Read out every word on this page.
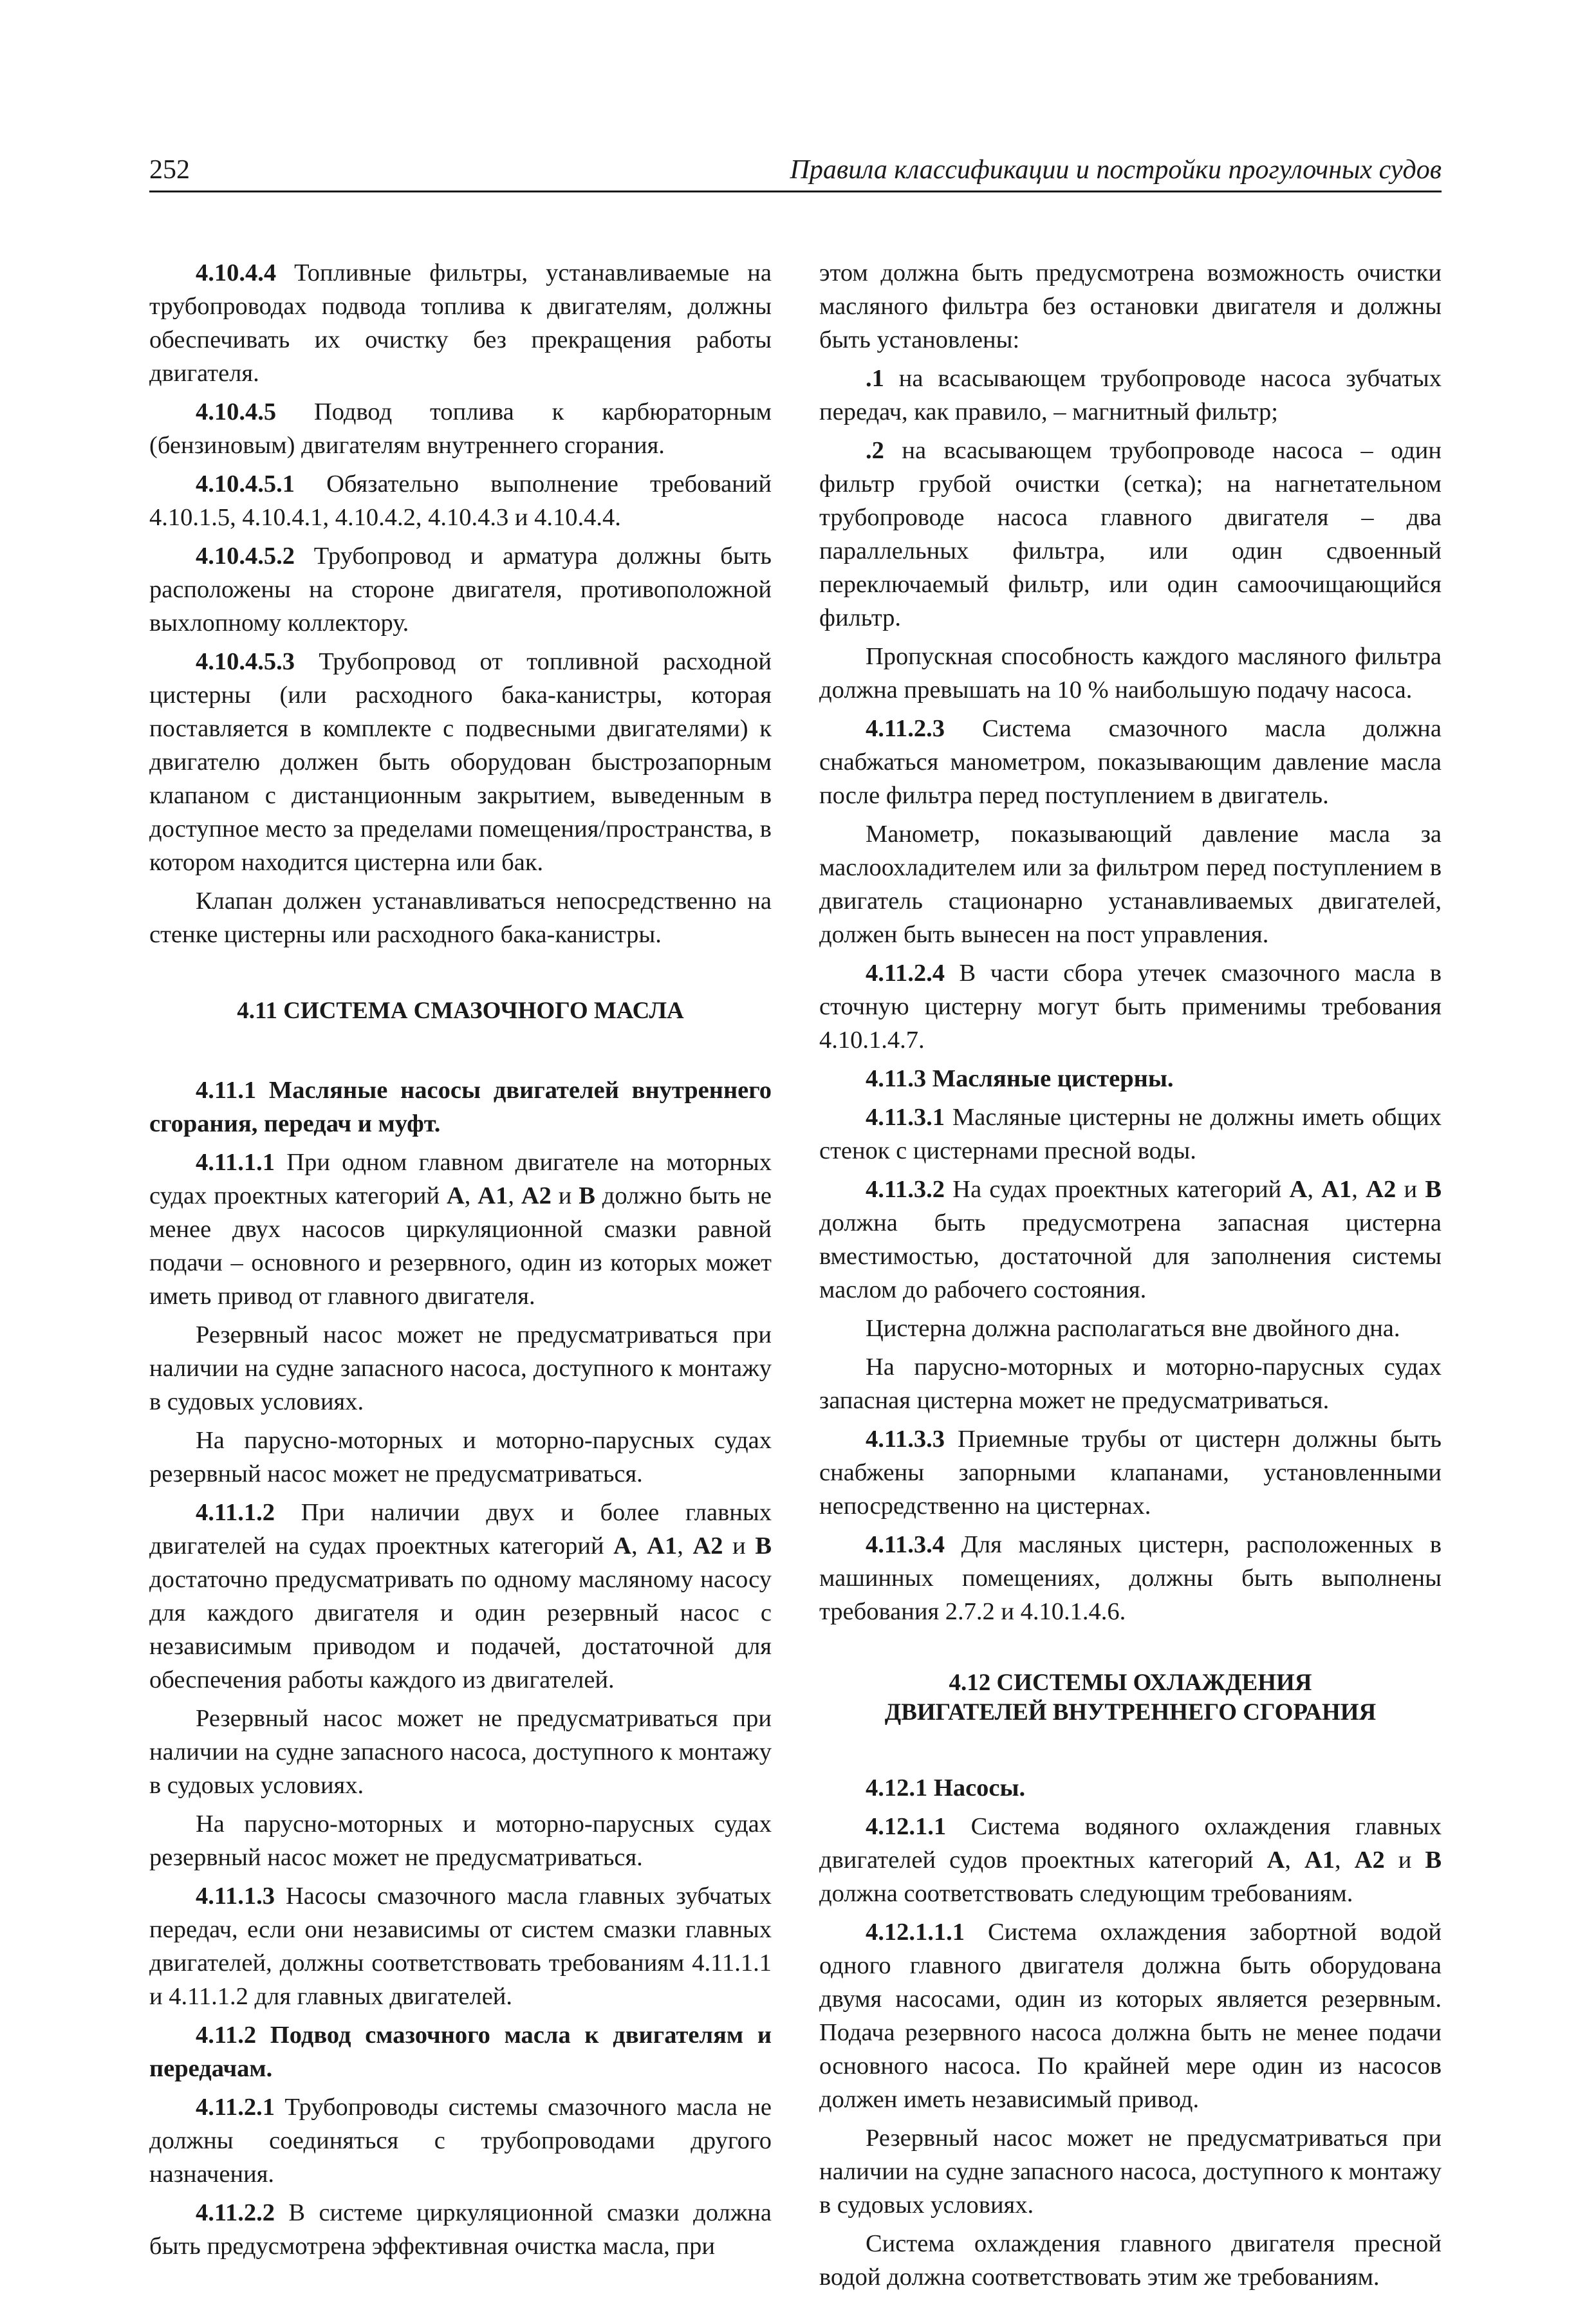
252	Правила классификации и постройки прогулочных судов

4.10.4.4 Топливные фильтры, устанавливаемые на трубопроводах подвода топлива к двигателям, должны обеспечивать их очистку без прекращения работы двигателя.

4.10.4.5 Подвод топлива к карбюраторным (бензиновым) двигателям внутреннего сгорания.

4.10.4.5.1 Обязательно выполнение требований 4.10.1.5, 4.10.4.1, 4.10.4.2, 4.10.4.3 и 4.10.4.4.

4.10.4.5.2 Трубопровод и арматура должны быть расположены на стороне двигателя, противоположной выхлопному коллектору.

4.10.4.5.3 Трубопровод от топливной расходной цистерны (или расходного бака-канистры, которая поставляется в комплекте с подвесными двигателями) к двигателю должен быть оборудован быстрозапорным клапаном с дистанционным закрытием, выведенным в доступное место за пределами помещения/пространства, в котором находится цистерна или бак.

Клапан должен устанавливаться непосредственно на стенке цистерны или расходного бака-канистры.

4.11 СИСТЕМА СМАЗОЧНОГО МАСЛА

4.11.1 Масляные насосы двигателей внутреннего сгорания, передач и муфт.

4.11.1.1 При одном главном двигателе на моторных судах проектных категорий А, А1, А2 и В должно быть не менее двух насосов циркуляционной смазки равной подачи – основного и резервного, один из которых может иметь привод от главного двигателя.

Резервный насос может не предусматриваться при наличии на судне запасного насоса, доступного к монтажу в судовых условиях.

На парусно-моторных и моторно-парусных судах резервный насос может не предусматриваться.

4.11.1.2 При наличии двух и более главных двигателей на судах проектных категорий А, А1, А2 и В достаточно предусматривать по одному масляному насосу для каждого двигателя и один резервный насос с независимым приводом и подачей, достаточной для обеспечения работы каждого из двигателей.

Резервный насос может не предусматриваться при наличии на судне запасного насоса, доступного к монтажу в судовых условиях.

На парусно-моторных и моторно-парусных судах резервный насос может не предусматриваться.

4.11.1.3 Насосы смазочного масла главных зубчатых передач, если они независимы от систем смазки главных двигателей, должны соответствовать требованиям 4.11.1.1 и 4.11.1.2 для главных двигателей.

4.11.2 Подвод смазочного масла к двигателям и передачам.

4.11.2.1 Трубопроводы системы смазочного масла не должны соединяться с трубопроводами другого назначения.

4.11.2.2 В системе циркуляционной смазки должна быть предусмотрена эффективная очистка масла, при

этом должна быть предусмотрена возможность очистки масляного фильтра без остановки двигателя и должны быть установлены:

.1 на всасывающем трубопроводе насоса зубчатых передач, как правило, – магнитный фильтр;

.2 на всасывающем трубопроводе насоса – один фильтр грубой очистки (сетка); на нагнетательном трубопроводе насоса главного двигателя – два параллельных фильтра, или один сдвоенный переключаемый фильтр, или один самоочищающийся фильтр.

Пропускная способность каждого масляного фильтра должна превышать на 10 % наибольшую подачу насоса.

4.11.2.3 Система смазочного масла должна снабжаться манометром, показывающим давление масла после фильтра перед поступлением в двигатель.

Манометр, показывающий давление масла за маслоохладителем или за фильтром перед поступлением в двигатель стационарно устанавливаемых двигателей, должен быть вынесен на пост управления.

4.11.2.4 В части сбора утечек смазочного масла в сточную цистерну могут быть применимы требования 4.10.1.4.7.

4.11.3 Масляные цистерны.

4.11.3.1 Масляные цистерны не должны иметь общих стенок с цистернами пресной воды.

4.11.3.2 На судах проектных категорий А, А1, А2 и В должна быть предусмотрена запасная цистерна вместимостью, достаточной для заполнения системы маслом до рабочего состояния.

Цистерна должна располагаться вне двойного дна.

На парусно-моторных и моторно-парусных судах запасная цистерна может не предусматриваться.

4.11.3.3 Приемные трубы от цистерн должны быть снабжены запорными клапанами, установленными непосредственно на цистернах.

4.11.3.4 Для масляных цистерн, расположенных в машинных помещениях, должны быть выполнены требования 2.7.2 и 4.10.1.4.6.

4.12 СИСТЕМЫ ОХЛАЖДЕНИЯ
ДВИГАТЕЛЕЙ ВНУТРЕННЕГО СГОРАНИЯ

4.12.1 Насосы.

4.12.1.1 Система водяного охлаждения главных двигателей судов проектных категорий А, А1, А2 и В должна соответствовать следующим требованиям.

4.12.1.1.1 Система охлаждения забортной водой одного главного двигателя должна быть оборудована двумя насосами, один из которых является резервным. Подача резервного насоса должна быть не менее подачи основного насоса. По крайней мере один из насосов должен иметь независимый привод.

Резервный насос может не предусматриваться при наличии на судне запасного насоса, доступного к монтажу в судовых условиях.

Система охлаждения главного двигателя пресной водой должна соответствовать этим же требованиям.
